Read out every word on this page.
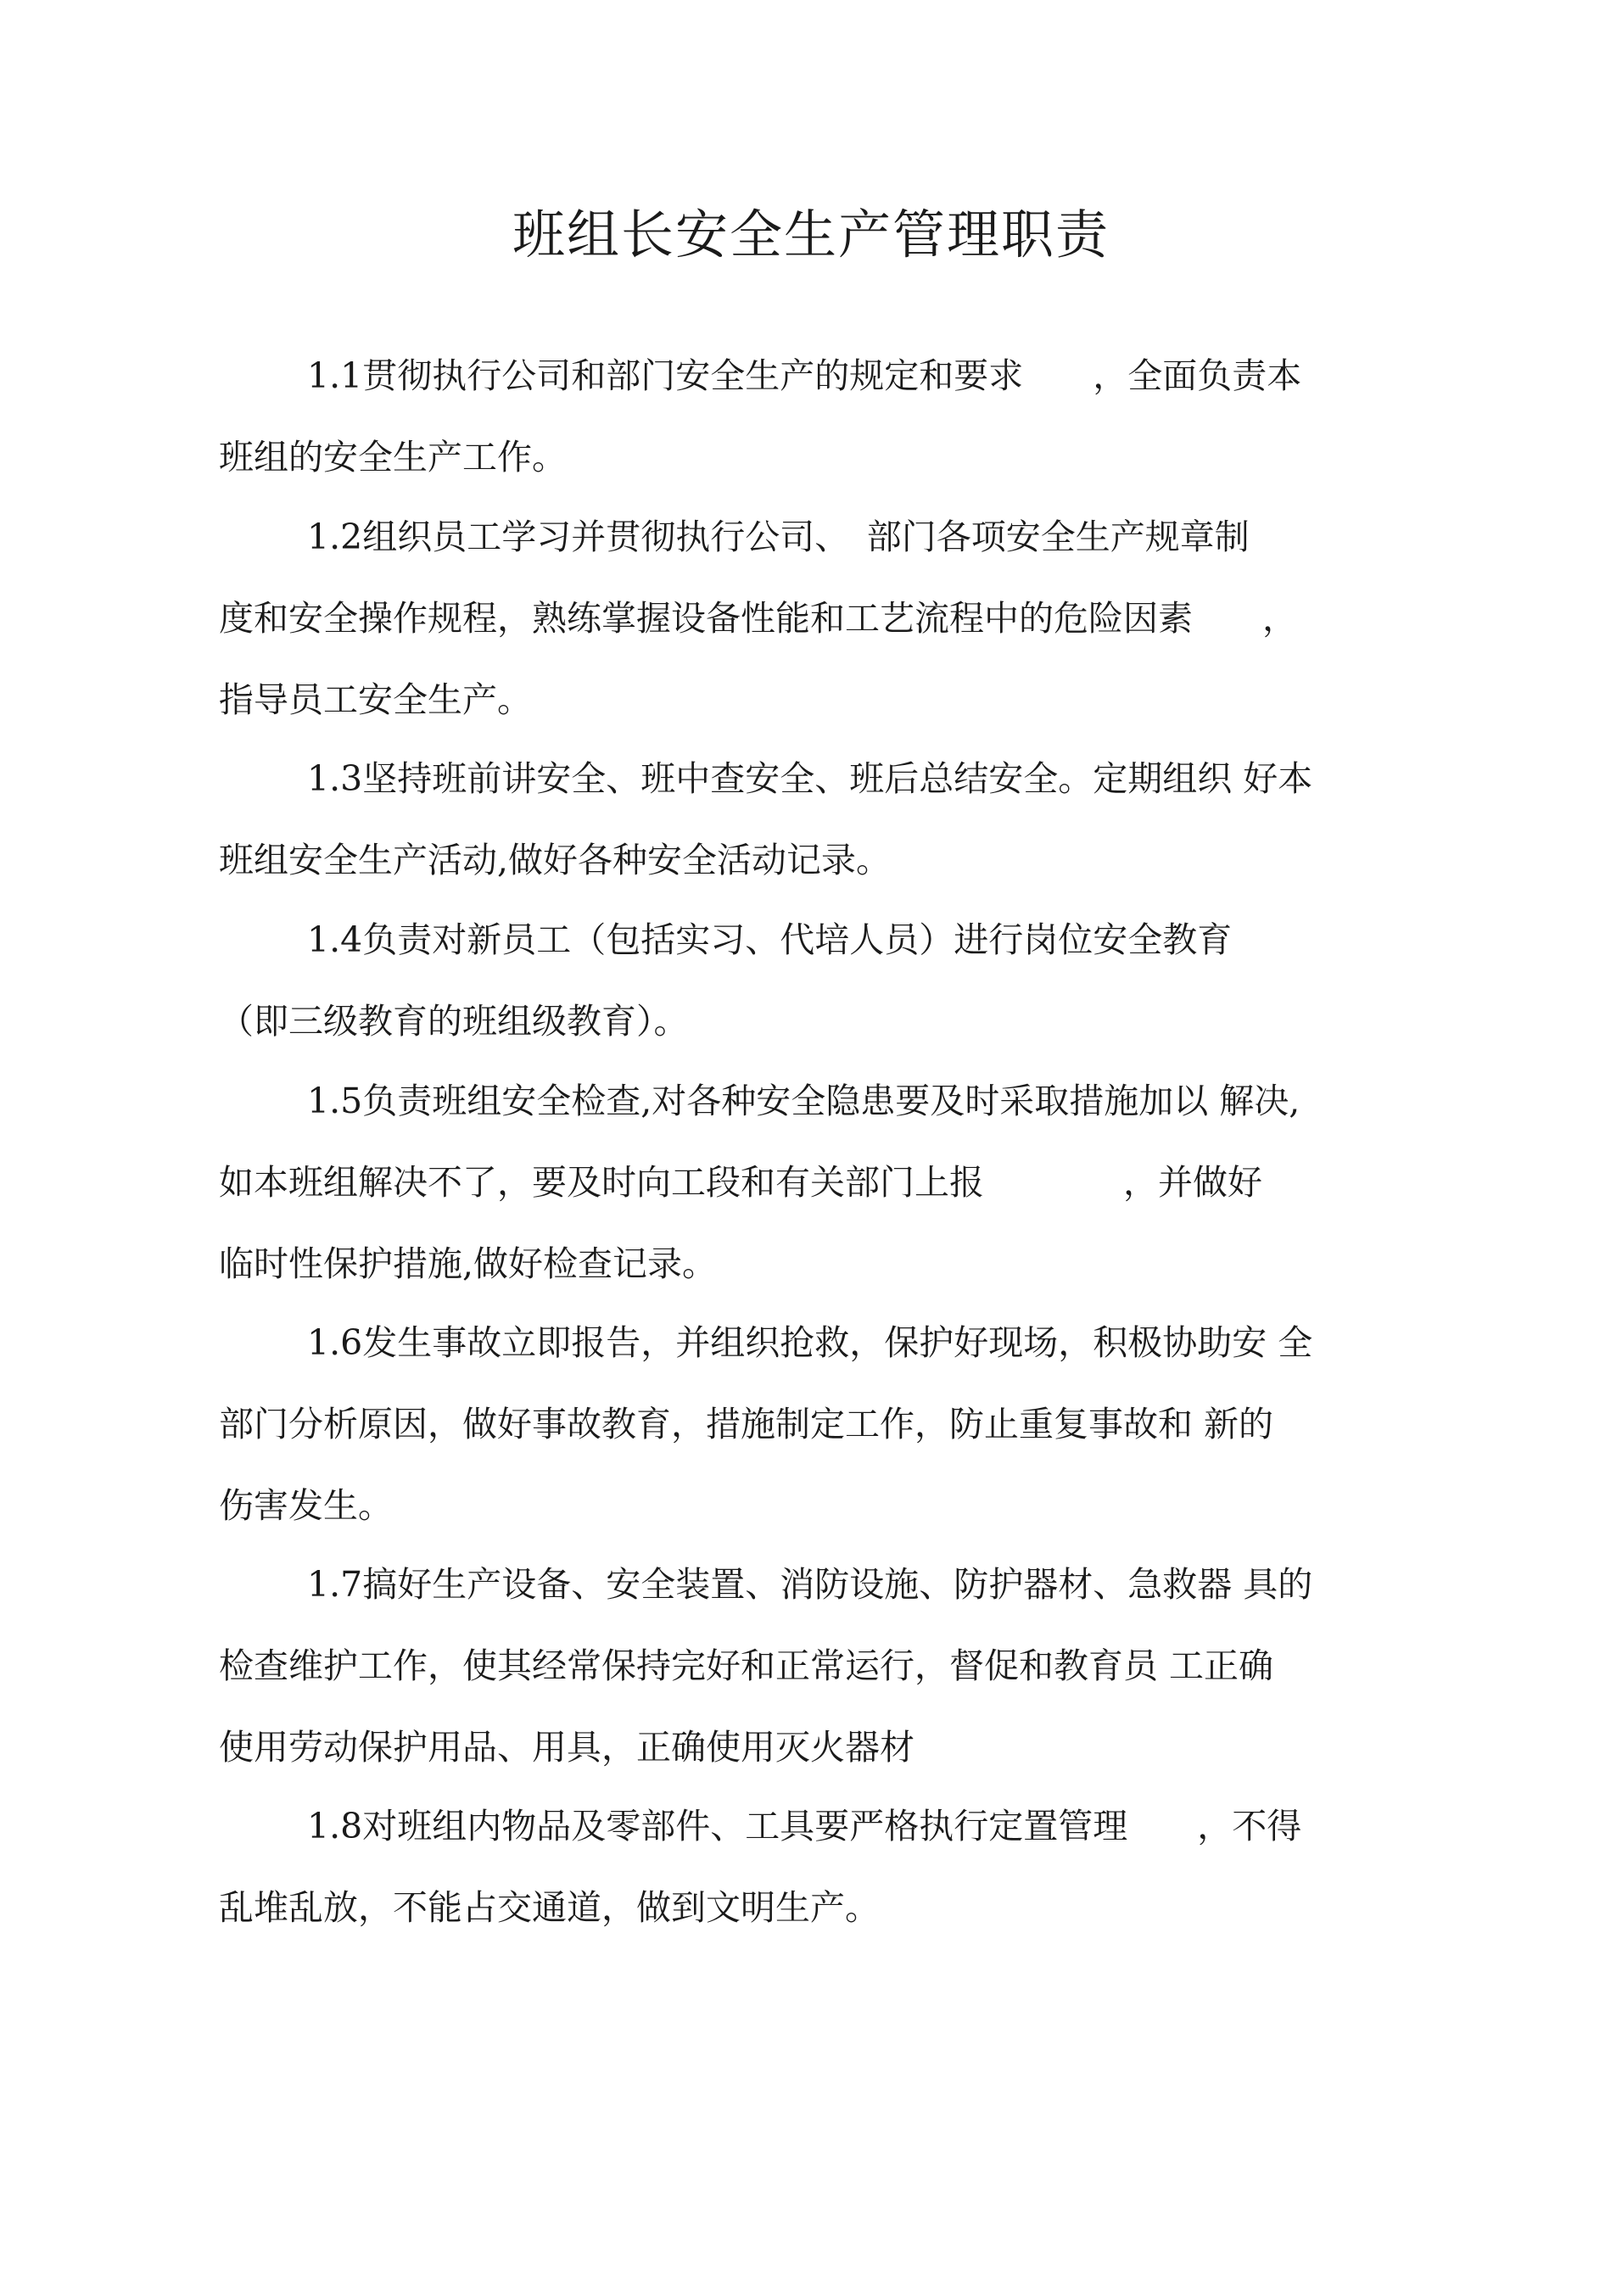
班组长安全生产管理职责
1.1贯彻执行公司和部门安全生产的规定和要求　　，全面负责本
班组的安全生产工作。
1.2组织员工学习并贯彻执行公司、　部门各项安全生产规章制
度和安全操作规程，熟练掌握设备性能和工艺流程中的危险因素　　，
指导员工安全生产。
1.3坚持班前讲安全、班中查安全、班后总结安全。定期组织 好本
班组安全生产活动,做好各种安全活动记录。
1.4负责对新员工（包括实习、代培人员）进行岗位安全教育
（即三级教育的班组级教育）。
1.5负责班组安全检查,对各种安全隐患要及时采取措施加以 解决,
如本班组解决不了，要及时向工段和有关部门上报　　　　，并做好
临时性保护措施,做好检查记录。
1.6发生事故立即报告，并组织抢救，保护好现场，积极协助安 全
部门分析原因，做好事故教育，措施制定工作，防止重复事故和 新的
伤害发生。
1.7搞好生产设备、安全装置、消防设施、防护器材、急救器 具的
检查维护工作，使其经常保持完好和正常运行，督促和教育员 工正确
使用劳动保护用品、用具，正确使用灭火器材
1.8对班组内物品及零部件、工具要严格执行定置管理　　，不得
乱堆乱放，不能占交通道，做到文明生产。
